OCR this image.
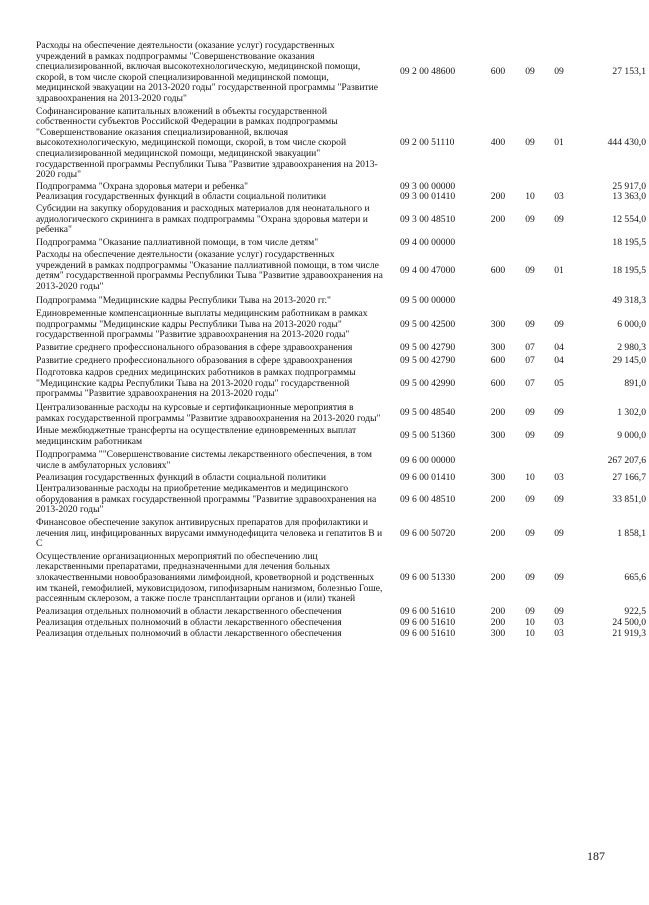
Расходы на обеспечение деятельности (оказание услуг) государственных учреждений в рамках подпрограммы "Совершенствование оказания специализированной, включая высокотехнологическую, медицинской помощи, скорой, в том числе скорой специализированной медицинской помощи, медицинской эвакуации на 2013-2020 годы" государственной программы "Развитие здравоохранения на 2013-2020 годы"	09 2 00 48600	600	09	09	27 153,1
Софинансирование капитальных вложений в объекты государственной собственности субъектов Российской Федерации в рамках подпрограммы "Совершенствование оказания специализированной, включая высокотехнологическую, медицинской помощи, скорой, в том числе скорой специализированной медицинской помощи, медицинской эвакуации" государственной программы Республики Тыва "Развитие здравоохранения на 2013-2020 годы"	09 2 00 51110	400	09	01	444 430,0
Подпрограмма "Охрана здоровья матери и ребенка"	09 3 00 00000				25 917,0
Реализация государственных функций в области социальной политики	09 3 00 01410	200	10	03	13 363,0
Субсидии на закупку оборудования и расходных материалов для неонатального и аудиологического скрининга в рамках подпрограммы "Охрана здоровья матери и ребенка"	09 3 00 48510	200	09	09	12 554,0
Подпрограмма "Оказание паллиативной помощи, в том числе детям"	09 4 00 00000				18 195,5
Расходы на обеспечение деятельности (оказание услуг) государственных учреждений в рамках подпрограммы "Оказание паллиативной помощи, в том числе детям" государственной программы Республики Тыва "Развитие здравоохранения на 2013-2020 годы"	09 4 00 47000	600	09	01	18 195,5
Подпрограмма "Медицинские кадры Республики Тыва на 2013-2020 гг."	09 5 00 00000				49 318,3
Единовременные компенсационные выплаты медицинским работникам в рамках подпрограммы "Медицинские кадры Республики Тыва на 2013-2020 годы" государственной программы "Развитие здравоохранения на 2013-2020 годы"	09 5 00 42500	300	09	09	6 000,0
Развитие среднего профессионального образования в сфере здравоохранения	09 5 00 42790	300	07	04	2 980,3
Развитие среднего профессионального образования в сфере здравоохранения	09 5 00 42790	600	07	04	29 145,0
Подготовка кадров средних медицинских работников в рамках подпрограммы "Медицинские кадры Республики Тыва на 2013-2020 годы" государственной программы "Развитие здравоохранения на 2013-2020 годы"	09 5 00 42990	600	07	05	891,0
Централизованные расходы на курсовые и сертификационные мероприятия в рамках государственной программы "Развитие здравоохранения на 2013-2020 годы"	09 5 00 48540	200	09	09	1 302,0
Иные межбюджетные трансферты на осуществление единовременных выплат медицинским работникам	09 5 00 51360	300	09	09	9 000,0
Подпрограмма ""Совершенствование системы лекарственного обеспечения, в том числе в амбулаторных условиях"	09 6 00 00000				267 207,6
Реализация государственных функций в области социальной политики	09 6 00 01410	300	10	03	27 166,7
Централизованные расходы на приобретение медикаментов и медицинского оборудования в рамках государственной программы "Развитие здравоохранения на 2013-2020 годы"	09 6 00 48510	200	09	09	33 851,0
Финансовое обеспечение закупок антивирусных препаратов для профилактики и лечения лиц, инфицированных вирусами иммунодефицита человека и гепатитов В и С	09 6 00 50720	200	09	09	1 858,1
Осуществление организационных мероприятий по обеспечению лиц лекарственными препаратами, предназначенными для лечения больных злокачественными новообразованиями лимфоидной, кроветворной и родственных им тканей, гемофилией, муковисцидозом, гипофизарным нанизмом, болезнью Гоше, рассеянным склерозом, а также после трансплантации органов и (или) тканей	09 6 00 51330	200	09	09	665,6
Реализация отдельных полномочий в области лекарственного обеспечения	09 6 00 51610	200	09	09	922,5
Реализация отдельных полномочий в области лекарственного обеспечения	09 6 00 51610	200	10	03	24 500,0
Реализация отдельных полномочий в области лекарственного обеспечения	09 6 00 51610	300	10	03	21 919,3
187
